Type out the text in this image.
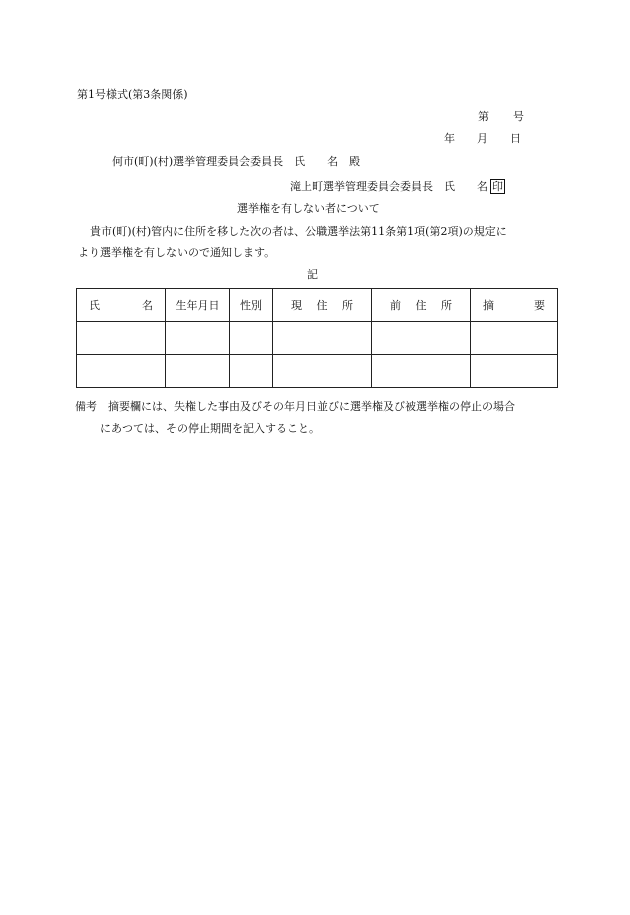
第1号様式(第3条関係)
第 号
年 月 日
何市(町)(村)選挙管理委員会委員長　氏　　名　殿
滝上町選挙管理委員会委員長　氏　　名 印
選挙権を有しない者について
貴市(町)(村)管内に住所を移した次の者は、公職選挙法第11条第1項(第2項)の規定に
より選挙権を有しないので通知します。
記
氏　名	生年月日	性別	現　住　所	前　住　所	摘　要

備考　摘要欄には、失権した事由及びその年月日並びに選挙権及び被選挙権の停止の場合
にあつては、その停止期間を記入すること。
